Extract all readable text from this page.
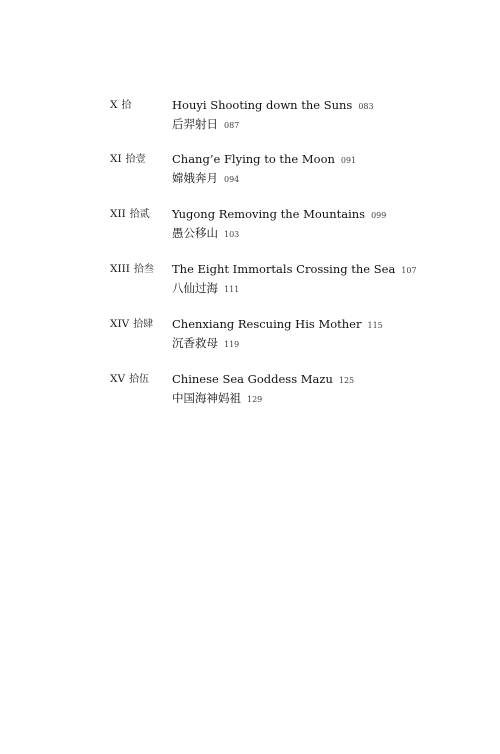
X 拾	Houyi Shooting down the Suns 083
后羿射日 087
XI 拾壹 Chang’e Flying to the Moon 091
嫦娥奔月 094
XII 拾贰 Yugong Removing the Mountains 099
愚公移山 103
XIII 拾叁 The Eight Immortals Crossing the Sea 107
八仙过海 111
XIV 拾肆 Chenxiang Rescuing His Mother 115
沉香救母 119
XV 拾伍 Chinese Sea Goddess Mazu 125
中国海神妈祖 129
